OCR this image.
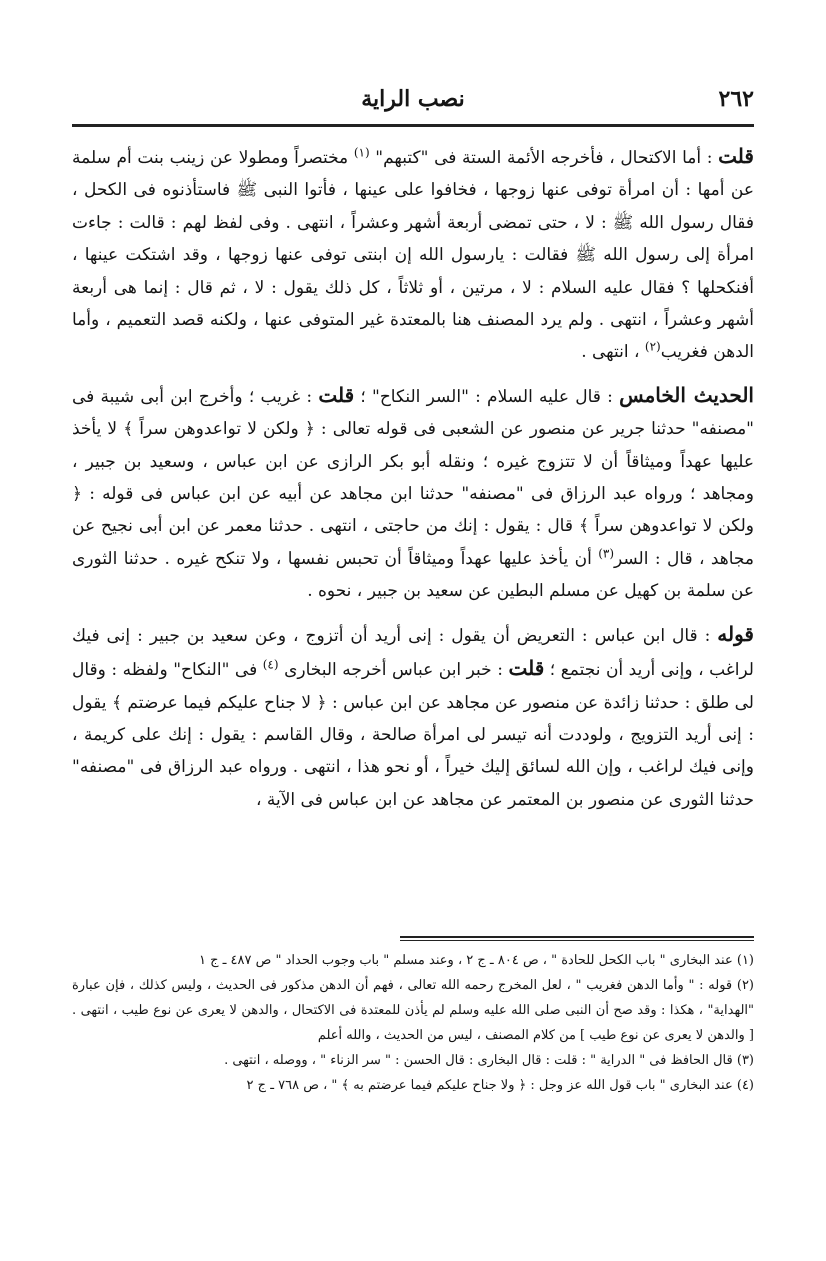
٢٦٢
نصب الراية

قلت : أما الاكتحال ، فأخرجه الأئمة الستة فى "كتبهم" $^{(١)}$ مختصراً ومطولا عن زينب بنت أم سلمة عن أمها : أن امرأة توفى عنها زوجها ، فخافوا على عينها ، فأتوا النبى ﷺ فاستأذنوه فى الكحل ، فقال رسول الله ﷺ : لا ، حتى تمضى أربعة أشهر وعشراً ، انتهى . وفى لفظ لهم : قالت : جاءت امرأة إلى رسول الله ﷺ فقالت : يارسول الله إن ابنتى توفى عنها زوجها ، وقد اشتكت عينها ، أفنكحلها ؟ فقال عليه السلام : لا ، مرتين ، أو ثلاثاً ، كل ذلك يقول : لا ، ثم قال : إنما هى أربعة أشهر وعشراً ، انتهى . ولم يرد المصنف هنا بالمعتدة غير المتوفى عنها ، ولكنه قصد التعميم ، وأما الدهن فغريب$^{(٢)}$ ، انتهى .

الحديث الخامس : قال عليه السلام : "السر النكاح" ؛ قلت : غريب ؛ وأخرج ابن أبى شيبة فى "مصنفه" حدثنا جرير عن منصور عن الشعبى فى قوله تعالى : ﴿ ولكن لا تواعدوهن سراً ﴾ لا يأخذ عليها عهداً وميثاقاً أن لا تتزوج غيره ؛ ونقله أبو بكر الرازى عن ابن عباس ، وسعيد بن جبير ، ومجاهد ؛ ورواه عبد الرزاق فى "مصنفه" حدثنا ابن مجاهد عن أبيه عن ابن عباس فى قوله : ﴿ ولكن لا تواعدوهن سراً ﴾ قال : يقول : إنك من حاجتى ، انتهى . حدثنا معمر عن ابن أبى نجيح عن مجاهد ، قال : السر$^{(٣)}$ أن يأخذ عليها عهداً وميثاقاً أن تحبس نفسها ، ولا تنكح غيره . حدثنا الثورى عن سلمة بن كهيل عن مسلم البطين عن سعيد بن جبير ، نحوه .

قوله : قال ابن عباس : التعريض أن يقول : إنى أريد أن أتزوج ، وعن سعيد بن جبير : إنى فيك لراغب ، وإنى أريد أن نجتمع ؛ قلت : خبر ابن عباس أخرجه البخارى $^{(٤)}$ فى "النكاح" ولفظه : وقال لى طلق : حدثنا زائدة عن منصور عن مجاهد عن ابن عباس : ﴿ لا جناح عليكم فيما عرضتم ﴾ يقول : إنى أريد التزويج ، ولوددت أنه تيسر لى امرأة صالحة ، وقال القاسم : يقول : إنك على كريمة ، وإنى فيك لراغب ، وإن الله لسائق إليك خيراً ، أو نحو هذا ، انتهى . ورواه عبد الرزاق فى "مصنفه" حدثنا الثورى عن منصور بن المعتمر عن مجاهد عن ابن عباس فى الآية ،

(١) عند البخارى " باب الكحل للحادة " ، ص ٨٠٤ ـ ج ٢ ، وعند مسلم " باب وجوب الحداد " ص ٤٨٧ ـ ج ١

(٢) قوله : " وأما الدهن فغريب " ، لعل المخرج رحمه الله تعالى ، فهم أن الدهن مذكور فى الحديث ، وليس كذلك ، فإن عبارة "الهداية" ، هكذا : وقد صح أن النبى صلى الله عليه وسلم لم يأذن للمعتدة فى الاكتحال ، والدهن لا يعرى عن نوع طيب ، انتهى . [ والدهن لا يعرى عن نوع طيب ] من كلام المصنف ، ليس من الحديث ، والله أعلم

(٣) قال الحافظ فى " الدراية " : قلت : قال البخارى : قال الحسن : " سر الزناء " ، ووصله ، انتهى .

(٤) عند البخارى " باب قول الله عز وجل : ﴿ ولا جناح عليكم فيما عرضتم به ﴾ " ، ص ٧٦٨ ـ ج ٢
